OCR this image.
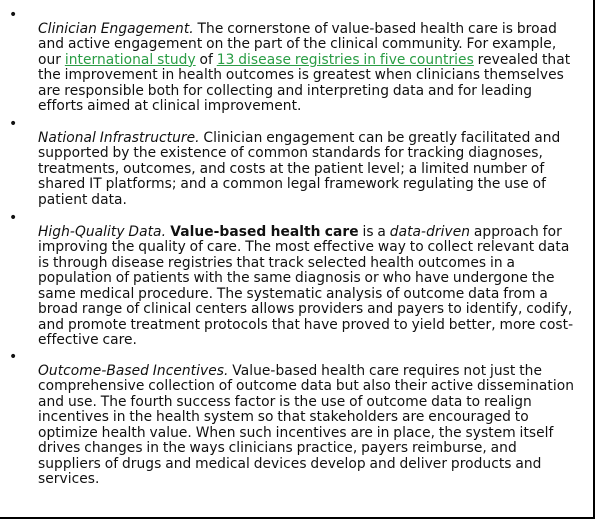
•

Clinician Engagement. The cornerstone of value-based health care is broad and active engagement on the part of the clinical community. For example, our international study of 13 disease registries in five countries revealed that the improvement in health outcomes is greatest when clinicians themselves are responsible both for collecting and interpreting data and for leading efforts aimed at clinical improvement.

•

National Infrastructure. Clinician engagement can be greatly facilitated and supported by the existence of common standards for tracking diagnoses, treatments, outcomes, and costs at the patient level; a limited number of shared IT platforms; and a common legal framework regulating the use of patient data.

•

High-Quality Data. Value-based health care is a data-driven approach for improving the quality of care. The most effective way to collect relevant data is through disease registries that track selected health outcomes in a population of patients with the same diagnosis or who have undergone the same medical procedure. The systematic analysis of outcome data from a broad range of clinical centers allows providers and payers to identify, codify, and promote treatment protocols that have proved to yield better, more cost-effective care.

•

Outcome-Based Incentives. Value-based health care requires not just the comprehensive collection of outcome data but also their active dissemination and use. The fourth success factor is the use of outcome data to realign incentives in the health system so that stakeholders are encouraged to optimize health value. When such incentives are in place, the system itself drives changes in the ways clinicians practice, payers reimburse, and suppliers of drugs and medical devices develop and deliver products and services.
